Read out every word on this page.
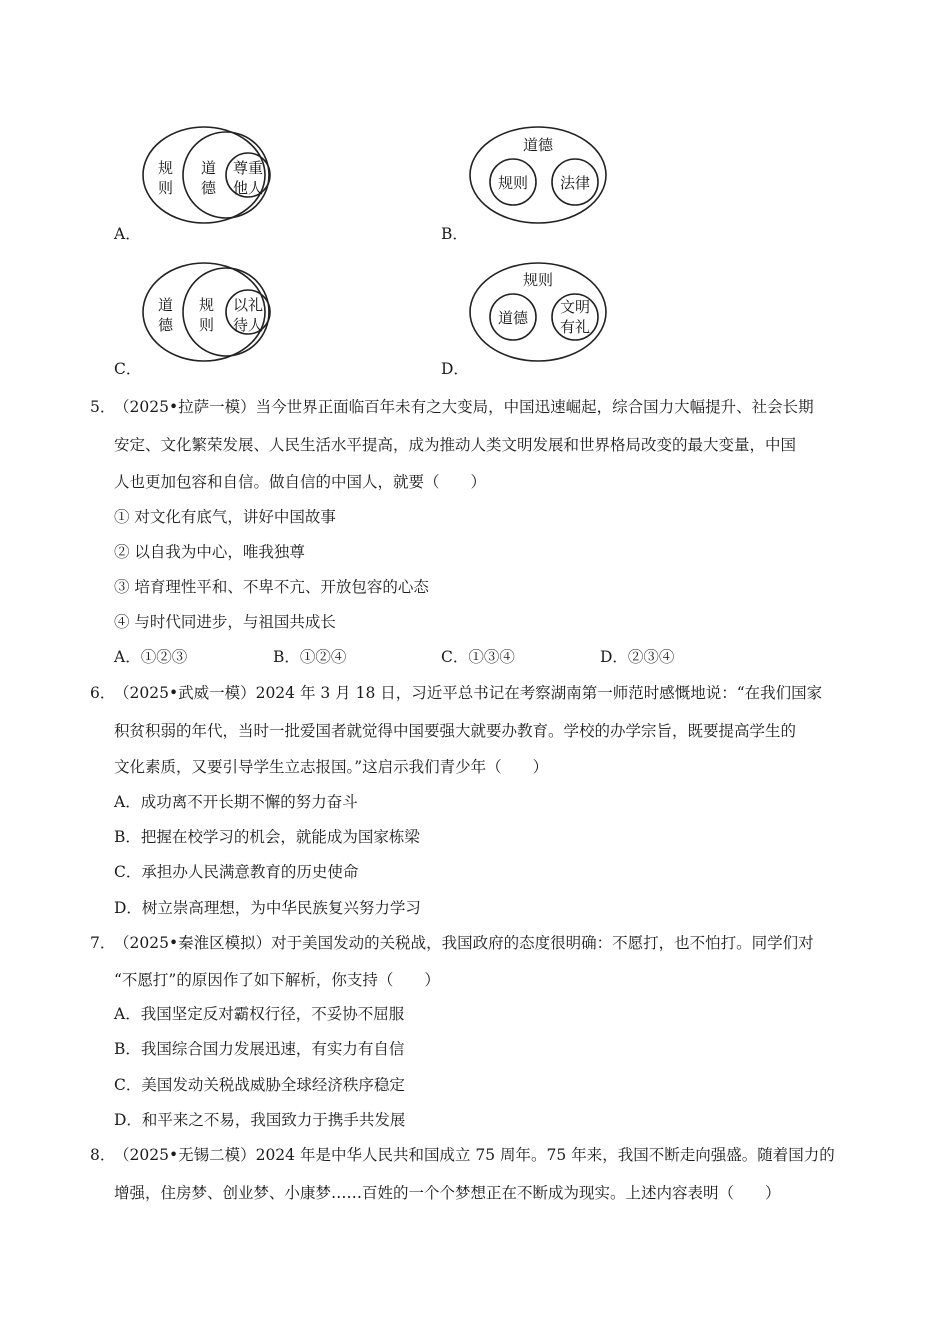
规
则
道
德
尊重
他人
A．
道德
规则 法律
B．
道
德
规
则
以礼
待人
C．
规则
道德
文明
有礼
D．
5．
（2025•拉萨一模）当今世界正面临百年未有之大变局，中国迅速崛起，综合国力大幅提升、社会长期
安定、文化繁荣发展、人民生活水平提高，成为推动人类文明发展和世界格局改变的最大变量，中国
人也更加包容和自信。做自信的中国人，就要（　　）
① 对文化有底气，讲好中国故事
② 以自我为中心，唯我独尊
③ 培育理性平和、不卑不亢、开放包容的心态
④ 与时代同进步，与祖国共成长
A．①②③	B．①②④	C．①③④	D．②③④
6．
（2025•武威一模）2024 年 3 月 18 日，习近平总书记在考察湖南第一师范时感慨地说：“在我们国家
积贫积弱的年代，当时一批爱国者就觉得中国要强大就要办教育。学校的办学宗旨，既要提高学生的
文化素质，又要引导学生立志报国。”这启示我们青少年（　　）
A．成功离不开长期不懈的努力奋斗
B．把握在校学习的机会，就能成为国家栋梁
C．承担办人民满意教育的历史使命
D．树立崇高理想，为中华民族复兴努力学习
7．
（2025•秦淮区模拟）对于美国发动的关税战，我国政府的态度很明确：不愿打，也不怕打。同学们对
“不愿打”的原因作了如下解析，你支持（　　）
A．我国坚定反对霸权行径，不妥协不屈服
B．我国综合国力发展迅速，有实力有自信
C．美国发动关税战威胁全球经济秩序稳定
D．和平来之不易，我国致力于携手共发展
8．
（2025•无锡二模）2024 年是中华人民共和国成立 75 周年。75 年来，我国不断走向强盛。随着国力的
增强，住房梦、创业梦、小康梦……百姓的一个个梦想正在不断成为现实。上述内容表明（　　）
